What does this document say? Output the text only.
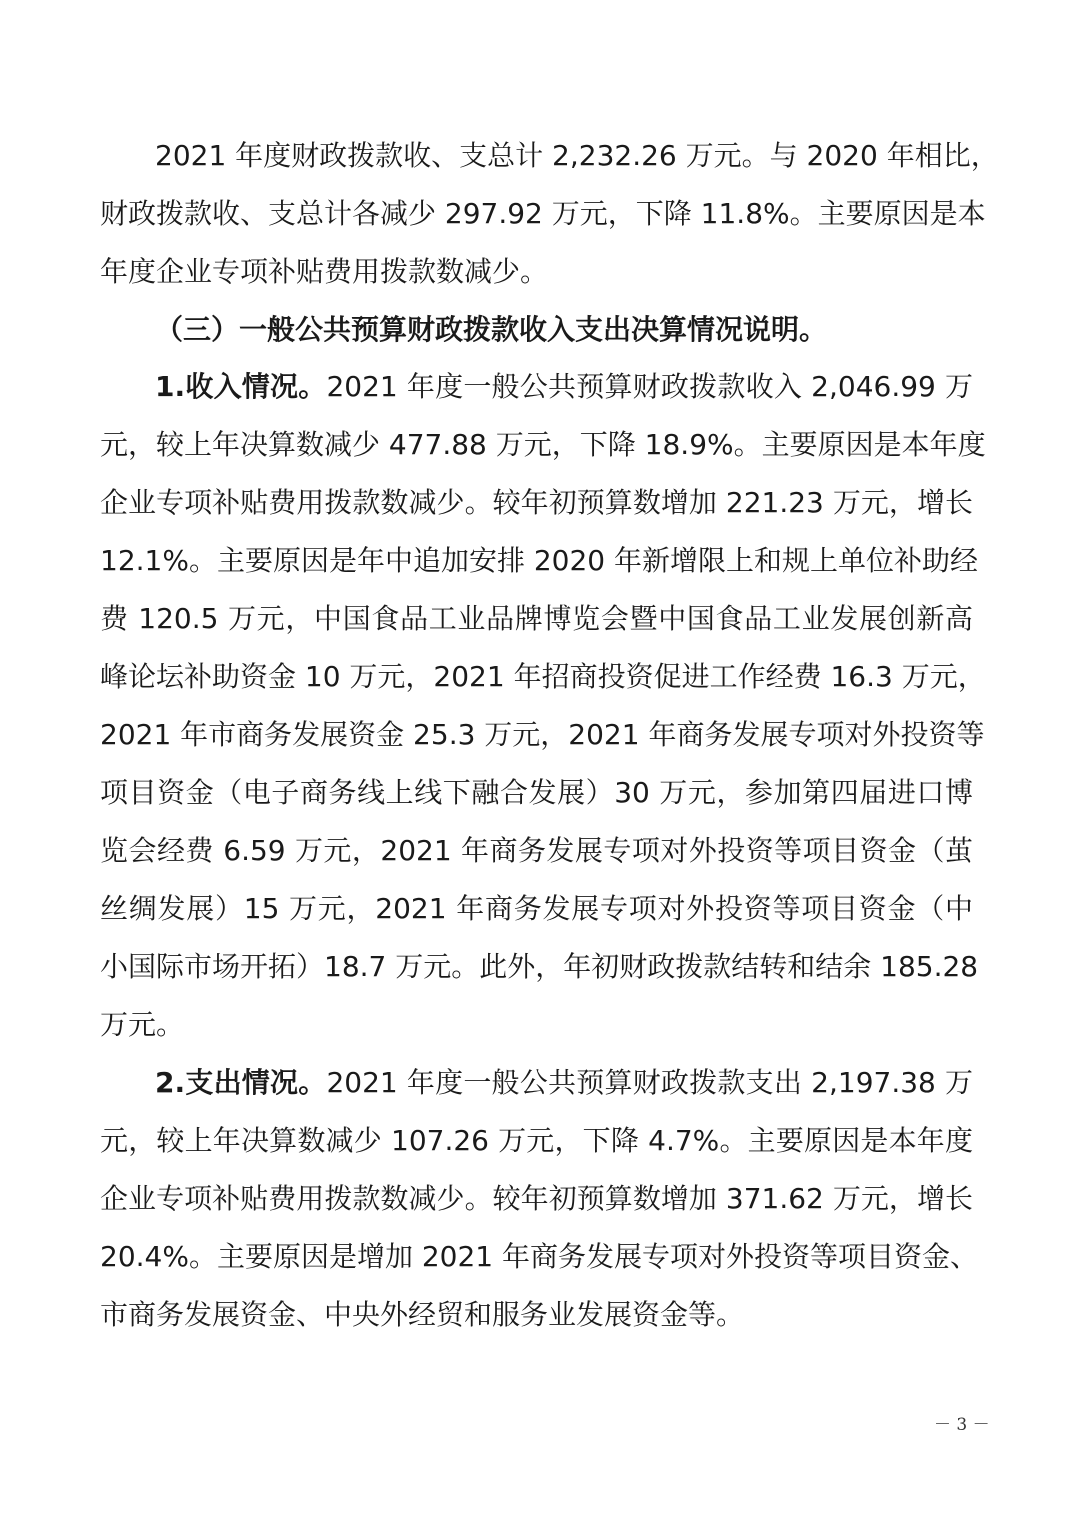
2021 年度财政拨款收、支总计 2,232.26 万元。与 2020 年相比，
财政拨款收、支总计各减少 297.92 万元，下降 11.8%。主要原因是本
年度企业专项补贴费用拨款数减少。
（三）一般公共预算财政拨款收入支出决算情况说明。
1.收入情况。2021 年度一般公共预算财政拨款收入 2,046.99 万
元，较上年决算数减少 477.88 万元，下降 18.9%。主要原因是本年度
企业专项补贴费用拨款数减少。较年初预算数增加 221.23 万元，增长
12.1%。主要原因是年中追加安排 2020 年新增限上和规上单位补助经
费 120.5 万元，中国食品工业品牌博览会暨中国食品工业发展创新高
峰论坛补助资金 10 万元，2021 年招商投资促进工作经费 16.3 万元，
2021 年市商务发展资金 25.3 万元，2021 年商务发展专项对外投资等
项目资金（电子商务线上线下融合发展）30 万元，参加第四届进口博
览会经费 6.59 万元，2021 年商务发展专项对外投资等项目资金（茧
丝绸发展）15 万元，2021 年商务发展专项对外投资等项目资金（中
小国际市场开拓）18.7 万元。此外，年初财政拨款结转和结余 185.28
万元。
2.支出情况。2021 年度一般公共预算财政拨款支出 2,197.38 万
元，较上年决算数减少 107.26 万元，下降 4.7%。主要原因是本年度
企业专项补贴费用拨款数减少。较年初预算数增加 371.62 万元，增长
20.4%。主要原因是增加 2021 年商务发展专项对外投资等项目资金、
市商务发展资金、中央外经贸和服务业发展资金等。
－ 3 －
